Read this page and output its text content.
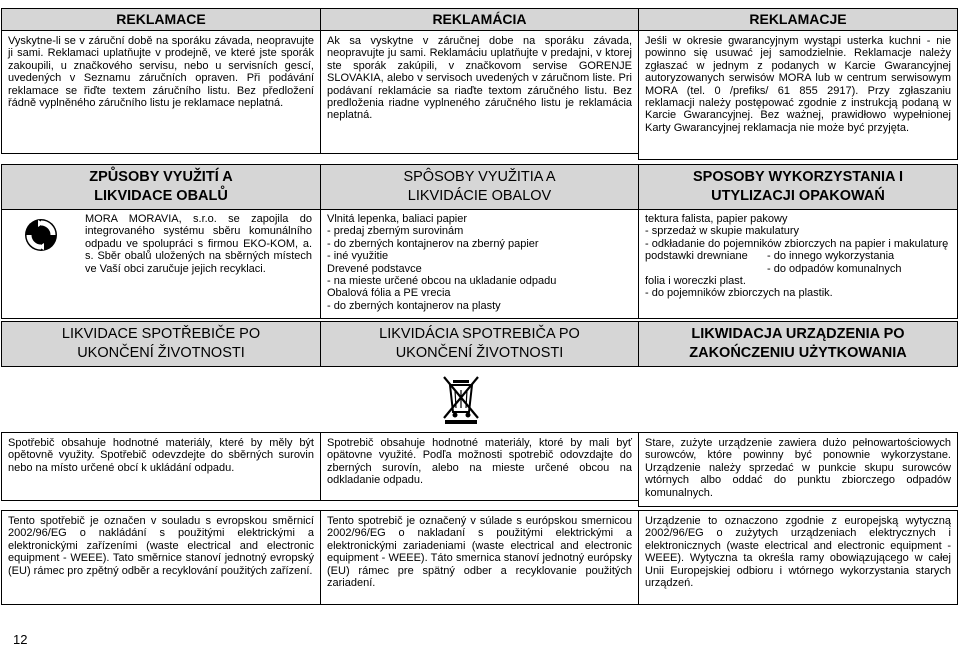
REKLAMACE
Vyskytne-li se v záruční době na sporáku závada, neopravujte ji sami. Reklamaci uplatňujte v prodejně, ve které jste sporák zakoupili, u značkového servisu, nebo u servisních gescí, uvedených v Seznamu záručních opraven. Při podávání reklamace se řiďte textem záručního listu. Bez předložení řádně vyplněného záručního listu je reklamace neplatná.
ZPŮSOBY VYUŽITÍ A LIKVIDACE OBALŮ
MORA MORAVIA, s.r.o. se zapojila do integrovaného systému sběru komunálního odpadu ve spolupráci s firmou EKO-KOM, a. s. Sběr obalů uložených na sběrných místech ve Vaší obci zaručuje jejich recyklaci.
LIKVIDACE SPOTŘEBIČE PO UKONČENÍ ŽIVOTNOSTI
Spotřebič obsahuje hodnotné materiály, které by měly být opětovně využity. Spotřebič odevzdejte do sběrných surovin nebo na místo určené obcí k ukládání odpadu.
Tento spotřebič je označen v souladu s evropskou směrnicí 2002/96/EG o nakládání s použitými elektrickými a elektronickými zařízeními (waste electrical and electronic equipment - WEEE). Tato směrnice stanoví jednotný evropský (EU) rámec pro zpětný odběr a recyklování použitých zařízení.
REKLAMÁCIA
Ak sa vyskytne v záručnej dobe na sporáku závada, neopravujte ju sami. Reklamáciu uplatňujte v predajni, v ktorej ste sporák zakúpili, v značkovom servise GORENJE SLOVAKIA, alebo v servisoch uvedených v záručnom liste. Pri podávaní reklamácie sa riaďte textom záručného listu. Bez predloženia riadne vyplneného záručného listu je reklamácia neplatná.
SPÔSOBY VYUŽITIA A LIKVIDÁCIE OBALOV
Vlnitá lepenka, baliaci papier
- predaj zberným surovinám
- do zberných kontajnerov na zberný papier
- iné využitie
Drevené podstavce
- na mieste určené obcou na ukladanie odpadu
Obalová fólia a PE vrecia
- do zberných kontajnerov na plasty
LIKVIDÁCIA SPOTREBIČA PO UKONČENÍ ŽIVOTNOSTI
Spotrebič obsahuje hodnotné materiály, ktoré by mali byť opätovne využité. Podľa možnosti spotrebič odovzdajte do zberných surovín, alebo na mieste určené obcou na odkladanie odpadu.
Tento spotrebič je označený v súlade s európskou smernicou 2002/96/EG o nakladaní s použitými elektrickými a elektronickými zariadeniami (waste electrical and electronic equipment - WEEE). Táto smernica stanoví jednotný európsky (EU) rámec pre spätný odber a recyklovanie použitých zariadení.
REKLAMACJE
Jeśli w okresie gwarancyjnym wystąpi usterka kuchni - nie powinno się usuwać jej samodzielnie. Reklamacje należy zgłaszać w jednym z podanych w Karcie Gwarancyjnej autoryzowanych serwisów MORA lub w centrum serwisowym MORA (tel. 0 /prefiks/ 61 855 2917). Przy zgłaszaniu reklamacji należy postępować zgodnie z instrukcją podaną w Karcie Gwarancyjnej. Bez ważnej, prawidłowo wypełnionej Karty Gwarancyjnej reklamacja nie może być przyjęta.
SPOSOBY WYKORZYSTANIA I UTYLIZACJI OPAKOWAŃ
tektura falista, papier pakowy
- sprzedaż w skupie makulatury
- odkładanie do pojemników zbiorczych na papier i makulaturę
podstawki drewniane	- do innego wykorzystania
- do odpadów komunalnych
folia i woreczki plast.
- do pojemników zbiorczych na plastik.
LIKWIDACJA URZĄDZENIA PO ZAKOŃCZENIU UŻYTKOWANIA
Stare, zużyte urządzenie zawiera dużo pełnowartościowych surowców, które powinny być ponownie wykorzystane. Urządzenie należy sprzedać w punkcie skupu surowców wtórnych albo oddać do punktu zbiorczego odpadów komunalnych.
Urządzenie to oznaczono zgodnie z europejską wytyczną 2002/96/EG o zużytych urządzeniach elektrycznych i elektronicznych (waste electrical and electronic equipment - WEEE). Wytyczna ta określa ramy obowiązującego w całej Unii Europejskiej odbioru i wtórnego wykorzystania starych urządzeń.
12
